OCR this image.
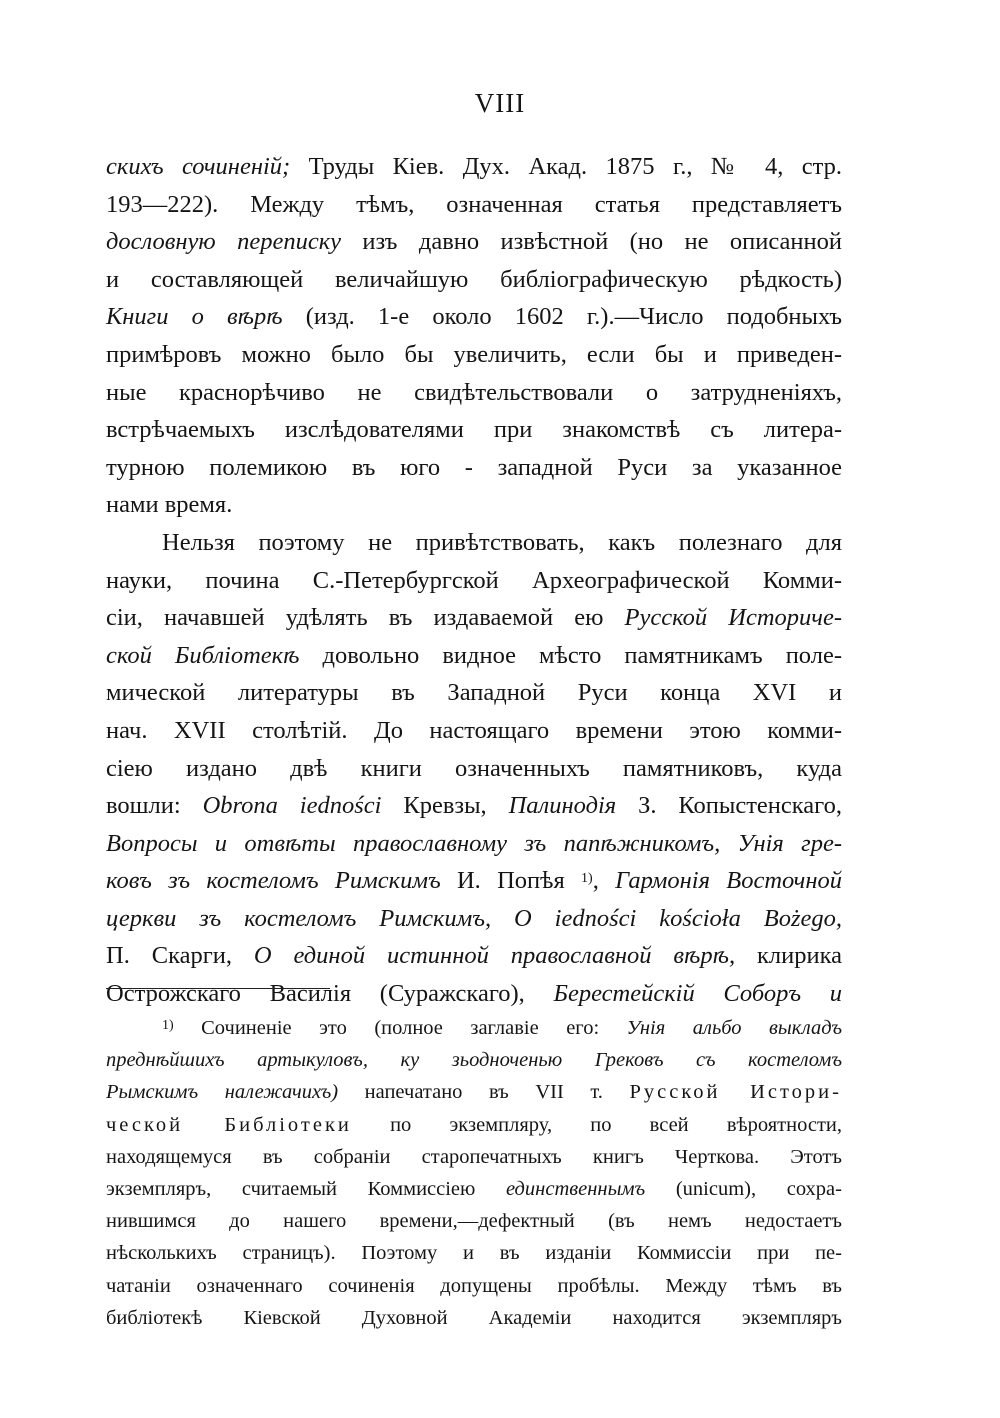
VIII
скихъ сочиненій; Труды Кіев. Дух. Акад. 1875 г., № 4, стр.
193—222). Между тѣмъ, означенная статья представляетъ
дословную переписку изъ давно извѣстной (но не описанной
и составляющей величайшую библіографическую рѣдкость)
Книги о вѣрѣ (изд. 1-е около 1602 г.).—Число подобныхъ
примѣровъ можно было бы увеличить, если бы и приведен-
ные краснорѣчиво не свидѣтельствовали о затрудненіяхъ,
встрѣчаемыхъ изслѣдователями при знакомствѣ съ литера-
турною полемикою въ юго - западной Руси за указанное
нами время.
Нельзя поэтому не привѣтствовать, какъ полезнаго для
науки, почина С.-Петербургской Археографической Комми-
сіи, начавшей удѣлять въ издаваемой ею Русской Историче-
ской Библіотекѣ довольно видное мѣсто памятникамъ поле-
мической литературы въ Западной Руси конца XVI и
нач. XVII столѣтій. До настоящаго времени этою комми-
сіею издано двѣ книги означенныхъ памятниковъ, куда
вошли: Obrona iedności Кревзы, Палинодія З. Копыстенскаго,
Вопросы и отвѣты православному зъ папѣжникомъ, Унія гре-
ковъ зъ костеломъ Римскимъ И. Попѣя $^{1)}$, Гармонія Восточной
церкви зъ костеломъ Римскимъ, O iedności kościoła Bożego,
П. Скарги, О единой истинной православной вѣрѣ, клирика
Острожскаго Василія (Суражскаго), Берестейскій Соборъ и
$^{1)}$ Сочиненіе это (полное заглавіе его: Унія альбо выкладъ
преднѣйшихъ артыкуловъ, ку зьодноченью Грековъ съ костеломъ
Рымскимъ належачихъ) напечатано въ VII т. Русской Истори-
ческой Библіотеки по экземпляру, по всей вѣроятности,
находящемуся въ собраніи старопечатныхъ книгъ Черткова. Этотъ
экземпляръ, считаемый Коммиссіею единственнымъ (unicum), сохра-
нившимся до нашего времени,—дефектный (въ немъ недостаетъ
нѣсколькихъ страницъ). Поэтому и въ изданіи Коммиссіи при пе-
чатаніи означеннаго сочиненія допущены пробѣлы. Между тѣмъ въ
библіотекѣ Кіевской Духовной Академіи находится экземпляръ
